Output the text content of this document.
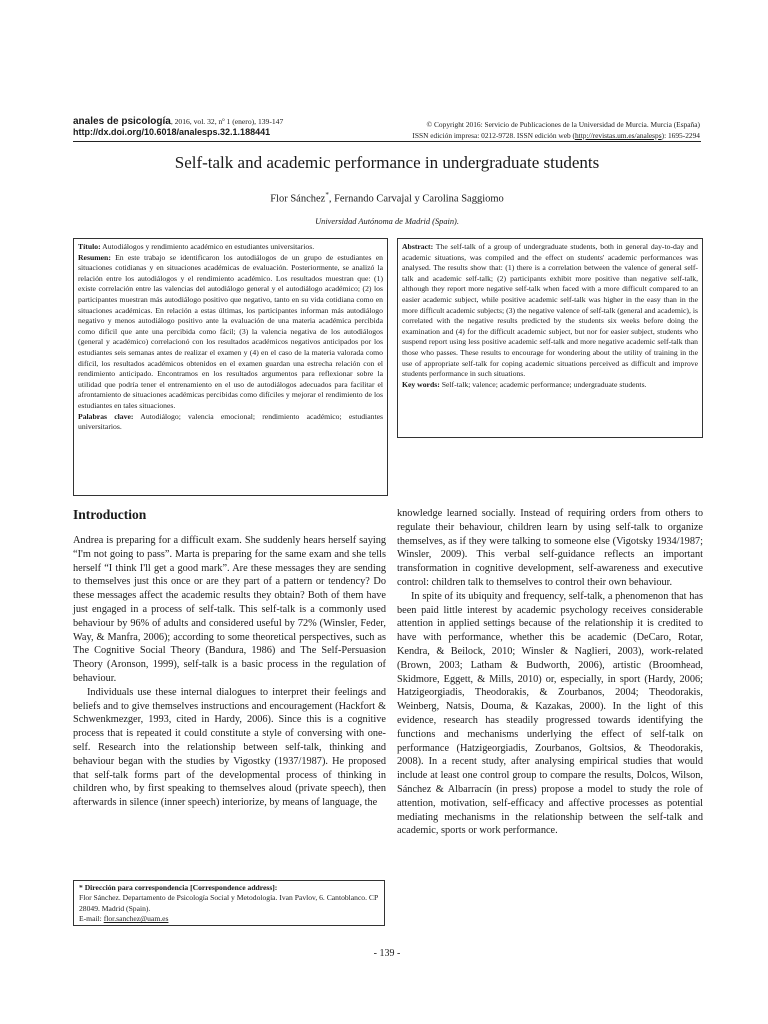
anales de psicología, 2016, vol. 32, nº 1 (enero), 139-147
http://dx.doi.org/10.6018/analesps.32.1.188441
© Copyright 2016: Servicio de Publicaciones de la Universidad de Murcia. Murcia (España)
ISSN edición impresa: 0212-9728. ISSN edición web (http://revistas.um.es/analesps): 1695-2294
Self-talk and academic performance in undergraduate students
Flor Sánchez*, Fernando Carvajal y Carolina Saggiomo
Universidad Autónoma de Madrid (Spain).

Título: Autodiálogos y rendimiento académico en estudiantes universitarios.

Resumen: En este trabajo se identificaron los autodiálogos de un grupo de estudiantes en situaciones cotidianas y en situaciones académicas de evaluación. Posteriormente, se analizó la relación entre los autodiálogos y el rendimiento académico. Los resultados muestran que: (1) existe correlación entre las valencias del autodiálogo general y el autodiálogo académico; (2) los participantes muestran más autodiálogo positivo que negativo, tanto en su vida cotidiana como en situaciones académicas. En relación a estas últimas, los participantes informan más autodiálogo negativo y menos autodiálogo positivo ante la evaluación de una materia académica percibida como difícil que ante una percibida como fácil; (3) la valencia negativa de los autodiálogos (general y académico) correlacionó con los resultados académicos negativos anticipados por los estudiantes seis semanas antes de realizar el examen y (4) en el caso de la materia valorada como difícil, los resultados académicos obtenidos en el examen guardan una estrecha relación con el rendimiento anticipado. Encontramos en los resultados argumentos para reflexionar sobre la utilidad que podría tener el entrenamiento en el uso de autodiálogos adecuados para facilitar el afrontamiento de situaciones académicas percibidas como difíciles y mejorar el rendimiento de los estudiantes en tales situaciones.

Palabras clave: Autodiálogo; valencia emocional; rendimiento académico; estudiantes universitarios.

Abstract: The self-talk of a group of undergraduate students, both in general day-to-day and academic situations, was compiled and the effect on students' academic performances was analysed. The results show that: (1) there is a correlation between the valence of general self-talk and academic self-talk; (2) participants exhibit more positive than negative self-talk, although they report more negative self-talk when faced with a more difficult compared to an easier academic subject, while positive academic self-talk was higher in the easy than in the more difficult academic subjects; (3) the negative valence of self-talk (general and academic), is correlated with the negative results predicted by the students six weeks before doing the examination and (4) for the difficult academic subject, but nor for easier subject, students who suspend report using less positive academic self-talk and more negative academic self-talk than those who passes. These results to encourage for wondering about the utility of training in the use of appropriate self-talk for coping academic situations perceived as difficult and improve students performance in such situations.

Key words: Self-talk; valence; academic performance; undergraduate students.

Introduction

Andrea is preparing for a difficult exam. She suddenly hears herself saying “I'm not going to pass”. Marta is preparing for the same exam and she tells herself “I think I'll get a good mark”. Are these messages they are sending to themselves just this once or are they part of a pattern or tendency? Do these messages affect the academic results they obtain? Both of them have just engaged in a process of self-talk. This self-talk is a commonly used behaviour by 96% of adults and considered useful by 72% (Winsler, Feder, Way, & Manfra, 2006); according to some theoretical perspectives, such as The Cognitive Social Theory (Bandura, 1986) and The Self-Persuasion Theory (Aronson, 1999), self-talk is a basic process in the regulation of behaviour.

Individuals use these internal dialogues to interpret their feelings and beliefs and to give themselves instructions and encouragement (Hackfort & Schwenkmezger, 1993, cited in Hardy, 2006). Since this is a cognitive process that is repeated it could constitute a style of conversing with one-self. Research into the relationship between self-talk, thinking and behaviour began with the studies by Vigostky (1937/1987). He proposed that self-talk forms part of the developmental process of thinking in children who, by first speaking to themselves aloud (private speech), then afterwards in silence (inner speech) interiorize, by means of language, the

knowledge learned socially. Instead of requiring orders from others to regulate their behaviour, children learn by using self-talk to organize themselves, as if they were talking to someone else (Vigotsky 1934/1987; Winsler, 2009). This verbal self-guidance reflects an important transformation in cognitive development, self-awareness and executive control: children talk to themselves to control their own behaviour.

In spite of its ubiquity and frequency, self-talk, a phenomenon that has been paid little interest by academic psychology receives considerable attention in applied settings because of the relationship it is credited to have with performance, whether this be academic (DeCaro, Rotar, Kendra, & Beilock, 2010; Winsler & Naglieri, 2003), work-related (Brown, 2003; Latham & Budworth, 2006), artistic (Broomhead, Skidmore, Eggett, & Mills, 2010) or, especially, in sport (Hardy, 2006; Hatzigeorgiadis, Theodorakis, & Zourbanos, 2004; Theodorakis, Weinberg, Natsis, Douma, & Kazakas, 2000). In the light of this evidence, research has steadily progressed towards identifying the functions and mechanisms underlying the effect of self-talk on performance (Hatzigeorgiadis, Zourbanos, Goltsios, & Theodorakis, 2008). In a recent study, after analysing empirical studies that would include at least one control group to compare the results, Dolcos, Wilson, Sánchez & Albarracín (in press) propose a model to study the role of attention, motivation, self-efficacy and affective processes as potential mediating mechanisms in the relationship between the self-talk and academic, sports or work performance.

* Dirección para correspondencia [Correspondence address]:
Flor Sánchez. Departamento de Psicología Social y Metodología. Ivan Pavlov, 6. Cantoblanco. CP 28049. Madrid (Spain).
E-mail: flor.sanchez@uam.es
- 139 -
